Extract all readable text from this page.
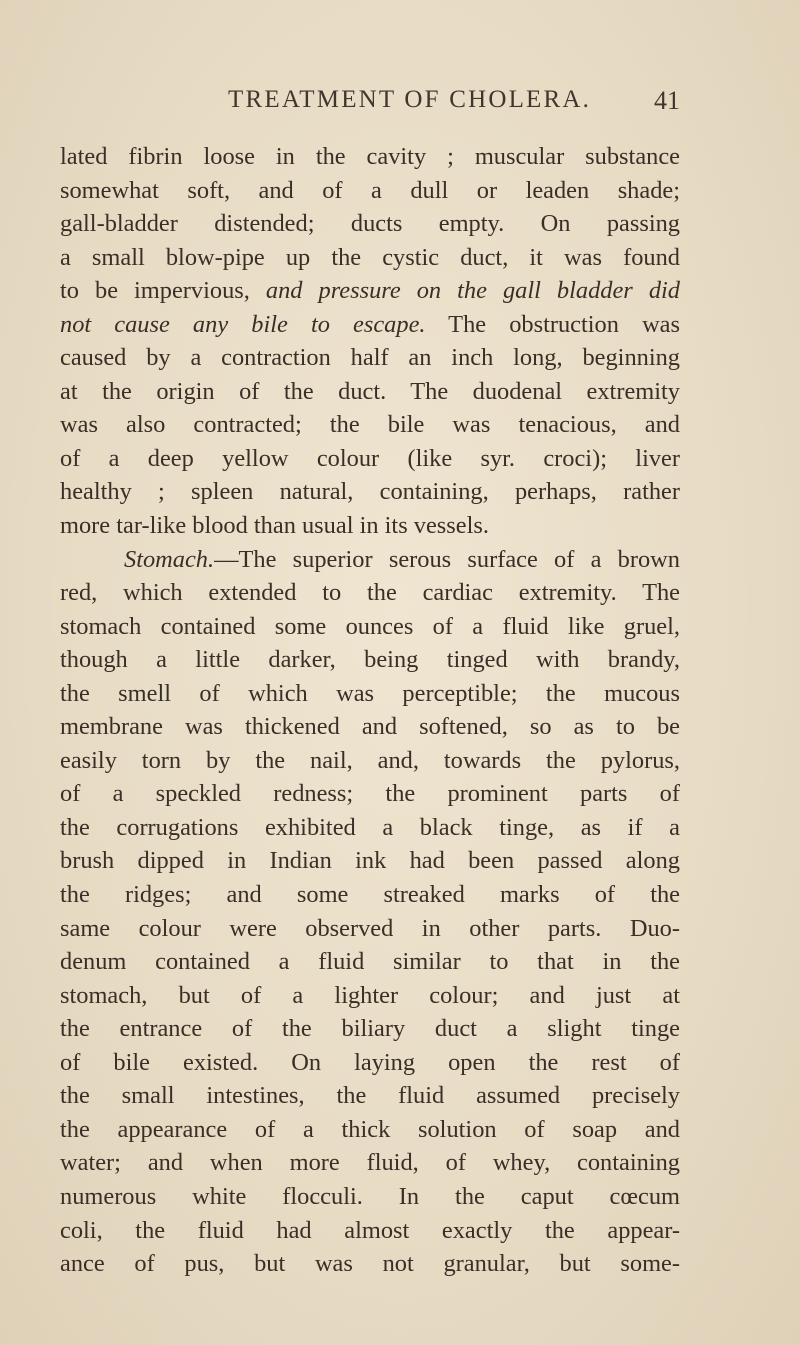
TREATMENT OF CHOLERA. 41
lated fibrin loose in the cavity ; muscular substance
somewhat soft, and of a dull or leaden shade;
gall-bladder distended; ducts empty. On passing
a small blow-pipe up the cystic duct, it was found
to be impervious, and pressure on the gall bladder did
not cause any bile to escape. The obstruction was
caused by a contraction half an inch long, beginning
at the origin of the duct. The duodenal extremity
was also contracted; the bile was tenacious, and
of a deep yellow colour (like syr. croci); liver
healthy ; spleen natural, containing, perhaps, rather
more tar-like blood than usual in its vessels.
Stomach.—The superior serous surface of a brown
red, which extended to the cardiac extremity. The
stomach contained some ounces of a fluid like gruel,
though a little darker, being tinged with brandy,
the smell of which was perceptible; the mucous
membrane was thickened and softened, so as to be
easily torn by the nail, and, towards the pylorus,
of a speckled redness; the prominent parts of
the corrugations exhibited a black tinge, as if a
brush dipped in Indian ink had been passed along
the ridges; and some streaked marks of the
same colour were observed in other parts. Duo-
denum contained a fluid similar to that in the
stomach, but of a lighter colour; and just at
the entrance of the biliary duct a slight tinge
of bile existed. On laying open the rest of
the small intestines, the fluid assumed precisely
the appearance of a thick solution of soap and
water; and when more fluid, of whey, containing
numerous white flocculi. In the caput cœcum
coli, the fluid had almost exactly the appear-
ance of pus, but was not granular, but some-
